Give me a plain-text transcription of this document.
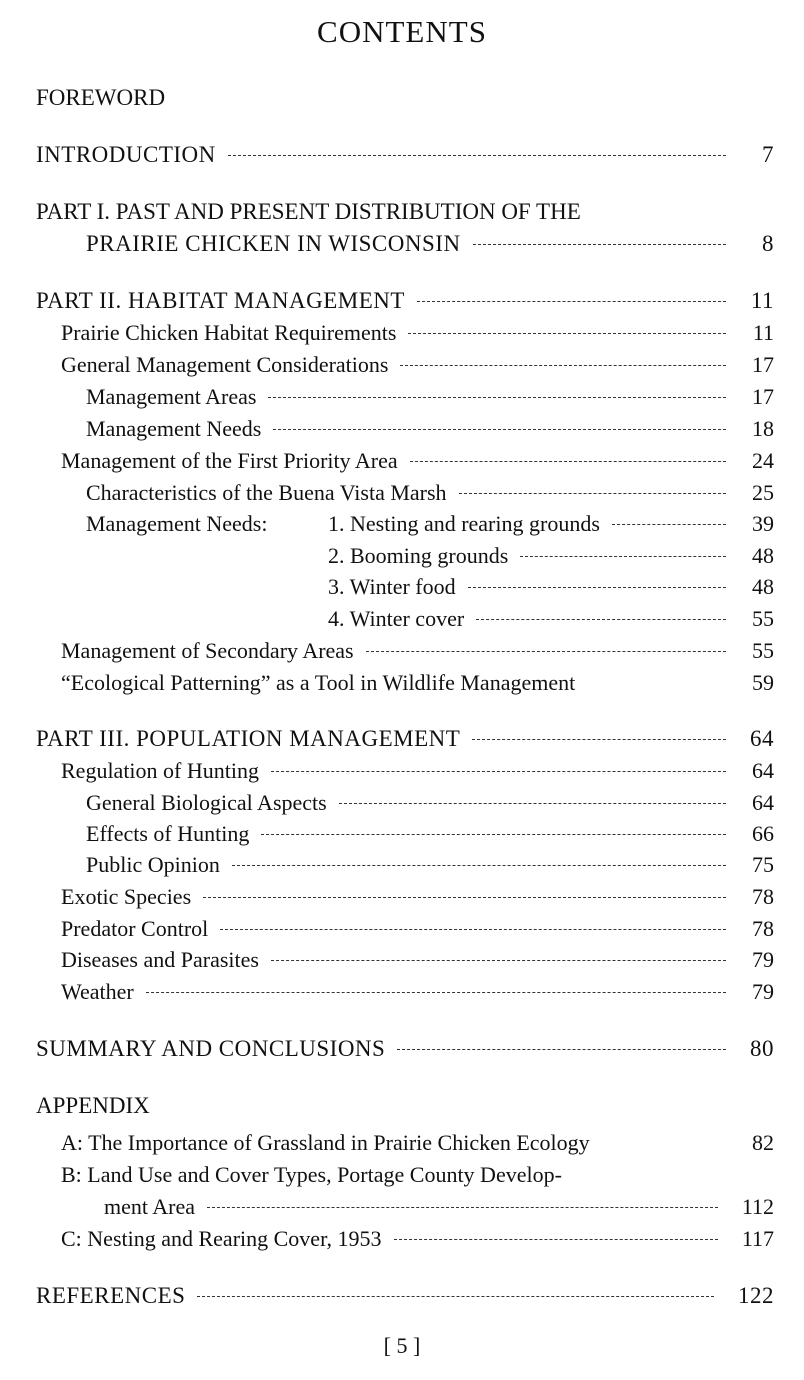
CONTENTS
FOREWORD
INTRODUCTION	7
PART I. PAST AND PRESENT DISTRIBUTION OF THE
PRAIRIE CHICKEN IN WISCONSIN	8
PART II. HABITAT MANAGEMENT	11
Prairie Chicken Habitat Requirements	11
General Management Considerations	17
Management Areas	17
Management Needs	18
Management of the First Priority Area	24
Characteristics of the Buena Vista Marsh	25
Management Needs:	1. Nesting and rearing grounds	39
2. Booming grounds	48
3. Winter food	48
4. Winter cover	55
Management of Secondary Areas	55
“Ecological Patterning” as a Tool in Wildlife Management	59
PART III. POPULATION MANAGEMENT	64
Regulation of Hunting	64
General Biological Aspects	64
Effects of Hunting	66
Public Opinion	75
Exotic Species	78
Predator Control	78
Diseases and Parasites	79
Weather	79
SUMMARY AND CONCLUSIONS	80
APPENDIX
A: The Importance of Grassland in Prairie Chicken Ecology	82
B: Land Use and Cover Types, Portage County Develop-
ment Area	112
C: Nesting and Rearing Cover, 1953	117
REFERENCES	122
[ 5 ]
